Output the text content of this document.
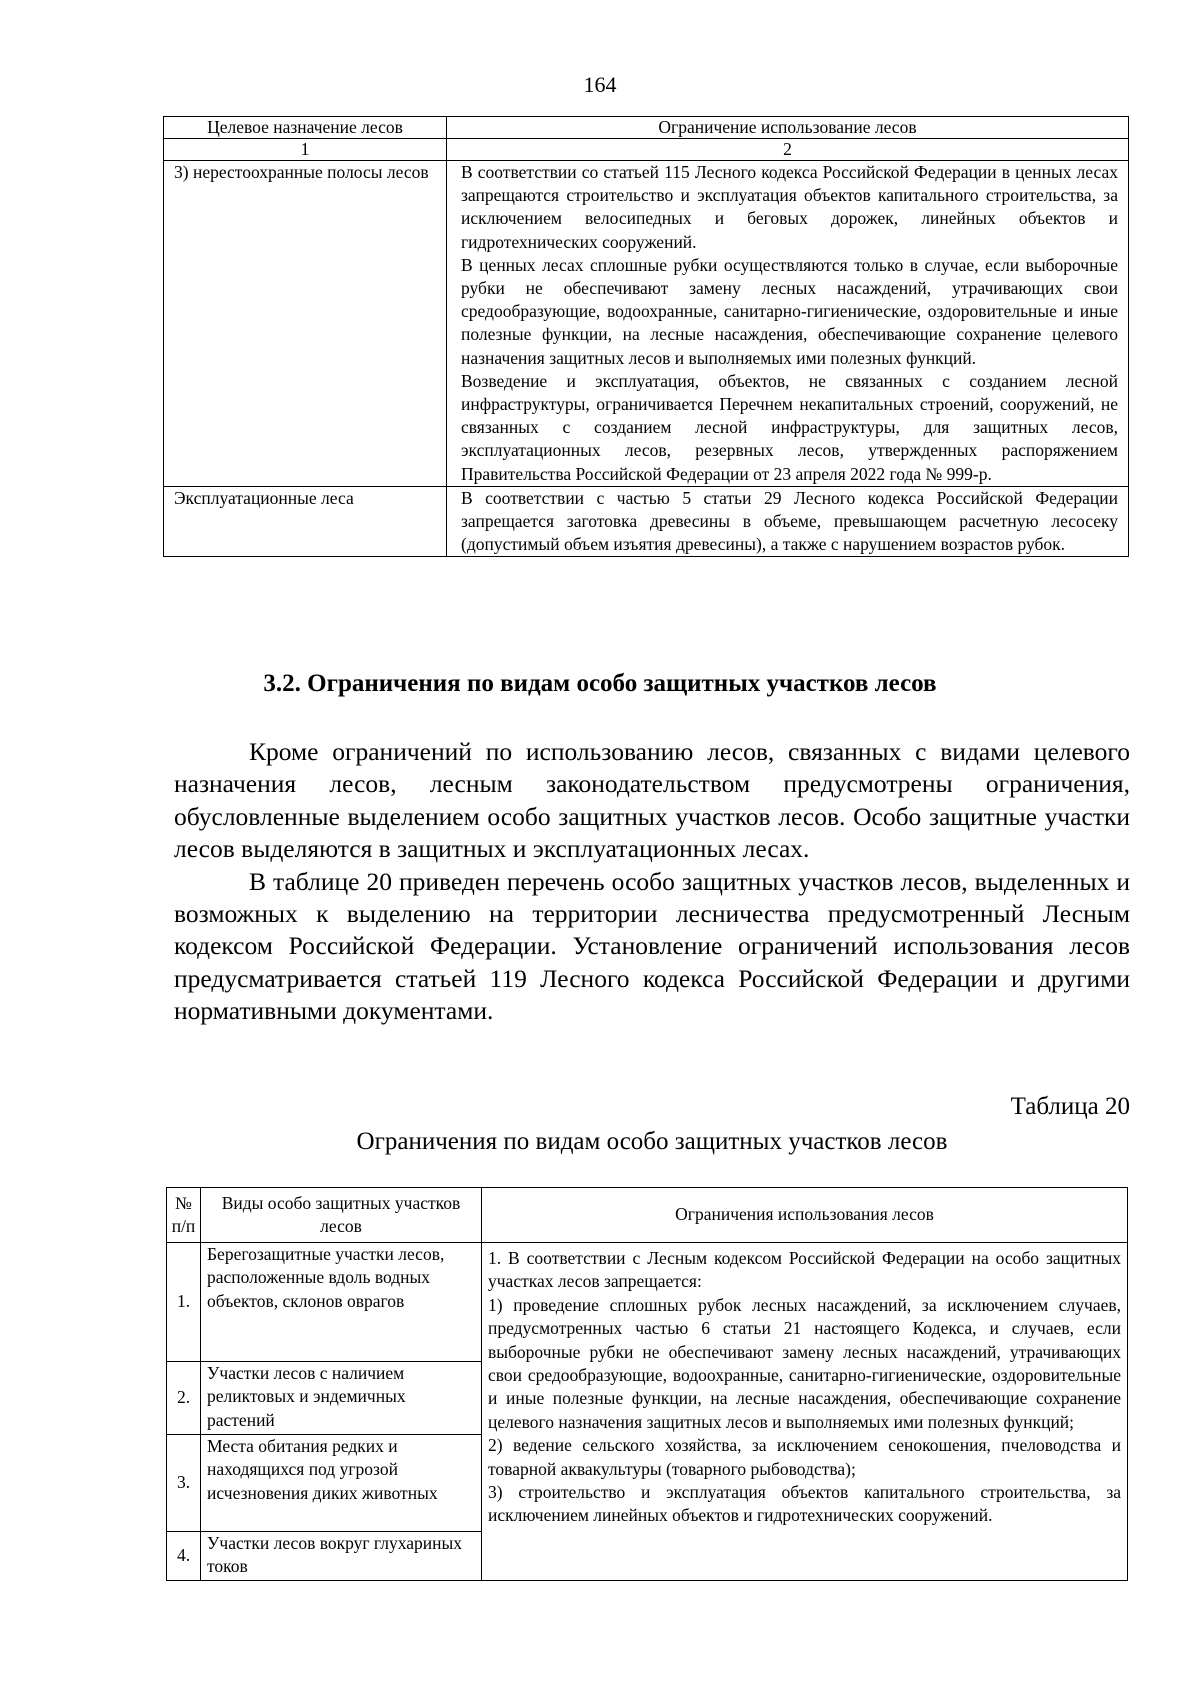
164
Целевое назначение лесов	Ограничение использование лесов
1	2
3) нерестоохранные полосы лесов	В соответствии со статьей 115 Лесного кодекса Российской Федерации в ценных лесах запрещаются строительство и эксплуатация объектов капитального строительства, за исключением велосипедных и беговых дорожек, линейных объектов и гидротехнических сооружений.
В ценных лесах сплошные рубки осуществляются только в случае, если выборочные рубки не обеспечивают замену лесных насаждений, утрачивающих свои средообразующие, водоохранные, санитарно-гигиенические, оздоровительные и иные полезные функции, на лесные насаждения, обеспечивающие сохранение целевого назначения защитных лесов и выполняемых ими полезных функций.
Возведение и эксплуатация, объектов, не связанных с созданием лесной инфраструктуры, ограничивается Перечнем некапитальных строений, сооружений, не связанных с созданием лесной инфраструктуры, для защитных лесов, эксплуатационных лесов, резервных лесов, утвержденных распоряжением Правительства Российской Федерации от 23 апреля 2022 года № 999-р.

Эксплуатационные леса	В соответствии с частью 5 статьи 29 Лесного кодекса Российской Федерации запрещается заготовка древесины в объеме, превышающем расчетную лесосеку (допустимый объем изъятия древесины), а также с нарушением возрастов рубок.
3.2. Ограничения по видам особо защитных участков лесов

Кроме ограничений по использованию лесов, связанных с видами целевого назначения лесов, лесным законодательством предусмотрены ограничения, обусловленные выделением особо защитных участков лесов. Особо защитные участки лесов выделяются в защитных и эксплуатационных лесах.

В таблице 20 приведен перечень особо защитных участков лесов, выделенных и возможных к выделению на территории лесничества предусмотренный Лесным кодексом Российской Федерации. Установление ограничений использования лесов предусматривается статьей 119 Лесного кодекса Российской Федерации и другими нормативными документами.

Таблица 20
Ограничения по видам особо защитных участков лесов
№ п/п	Виды особо защитных участков лесов	Ограничения использования лесов
1.	Берегозащитные участки лесов, расположенные вдоль водных объектов, склонов оврагов	1. В соответствии с Лесным кодексом Российской Федерации на особо защитных участках лесов запрещается:
1) проведение сплошных рубок лесных насаждений, за исключением случаев, предусмотренных частью 6 статьи 21 настоящего Кодекса, и случаев, если выборочные рубки не обеспечивают замену лесных насаждений, утрачивающих свои средообразующие, водоохранные, санитарно-гигиенические, оздоровительные и иные полезные функции, на лесные насаждения, обеспечивающие сохранение целевого назначения защитных лесов и выполняемых ими полезных функций;
2) ведение сельского хозяйства, за исключением сенокошения, пчеловодства и товарной аквакультуры (товарного рыбоводства);
3) строительство и эксплуатация объектов капитального строительства, за исключением линейных объектов и гидротехнических сооружений.

2.	Участки лесов с наличием реликтовых и эндемичных растений	
3.	Места обитания редких и находящихся под угрозой исчезновения диких животных	
4.	Участки лесов вокруг глухариных токов	
